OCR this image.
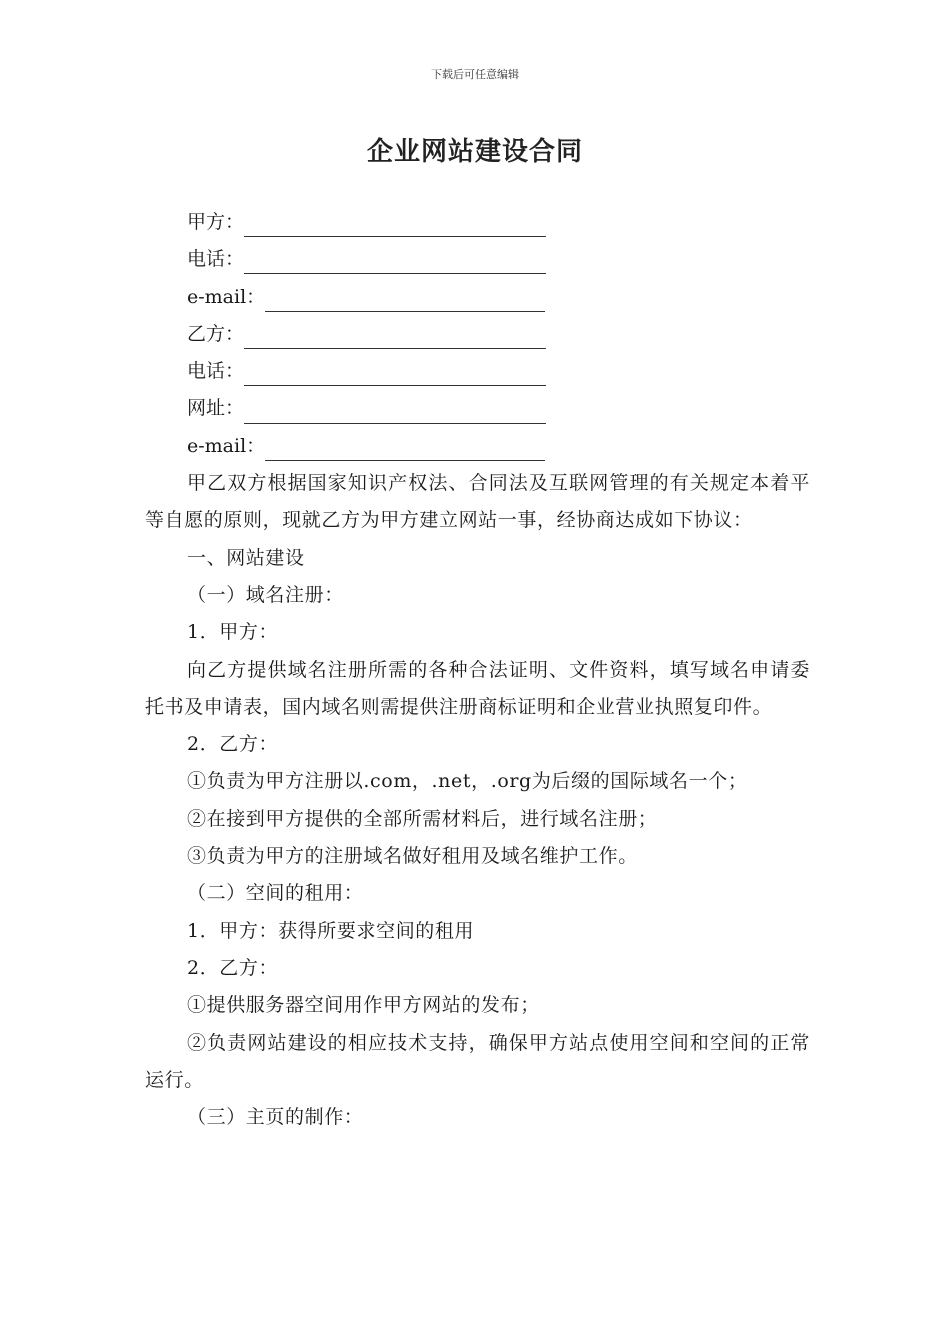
下载后可任意编辑
企业网站建设合同
甲方：
电话：
e-mail：
乙方：
电话：
网址：
e-mail：

甲乙双方根据国家知识产权法、合同法及互联网管理的有关规定本着平等自愿的原则，现就乙方为甲方建立网站一事，经协商达成如下协议：

一、网站建设
（一）域名注册：
1．甲方：

向乙方提供域名注册所需的各种合法证明、文件资料，填写域名申请委托书及申请表，国内域名则需提供注册商标证明和企业营业执照复印件。

2．乙方：
①负责为甲方注册以.com，.net，.org为后缀的国际域名一个；
②在接到甲方提供的全部所需材料后，进行域名注册；
③负责为甲方的注册域名做好租用及域名维护工作。
（二）空间的租用：
1．甲方：获得所要求空间的租用
2．乙方：
①提供服务器空间用作甲方网站的发布；

②负责网站建设的相应技术支持，确保甲方站点使用空间和空间的正常运行。

（三）主页的制作：
